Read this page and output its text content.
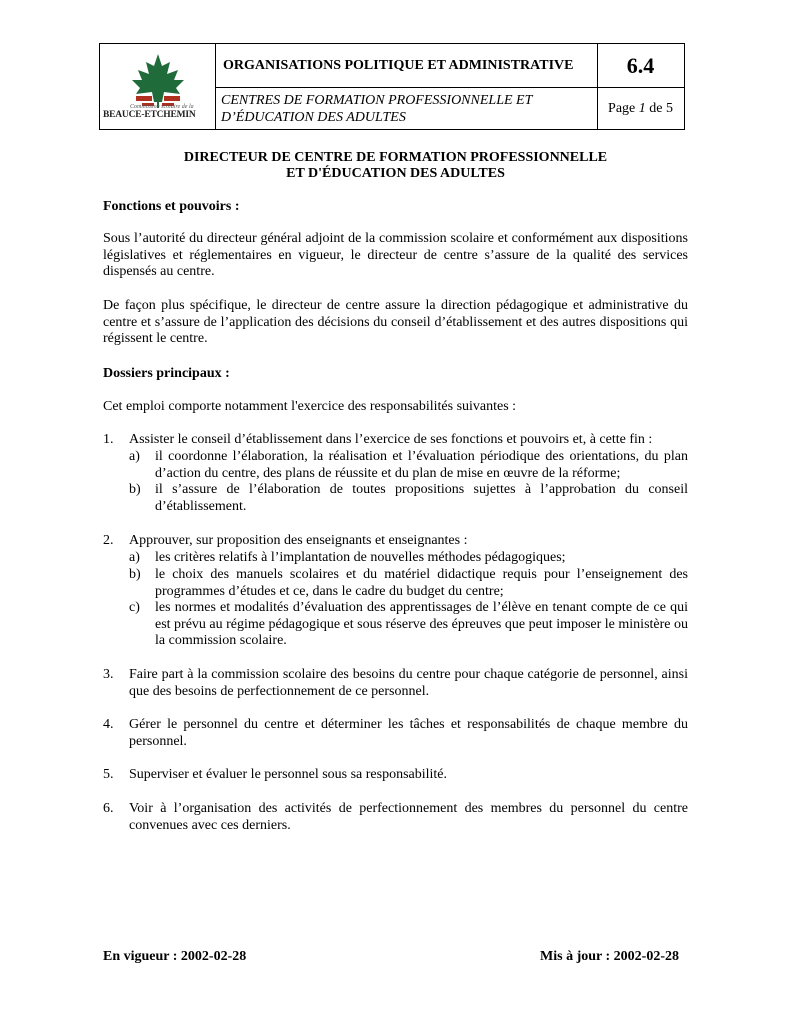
Commission scolaire de la
BEAUCE-ETCHEMIN
ORGANISATIONS POLITIQUE ET ADMINISTRATIVE
CENTRES DE FORMATION PROFESSIONNELLE ET
D’ÉDUCATION DES ADULTES
6.4
Page 1 de 5
DIRECTEUR DE CENTRE DE FORMATION PROFESSIONNELLE
ET D'ÉDUCATION DES ADULTES
Fonctions et pouvoirs :
Sous l’autorité du directeur général adjoint de la commission scolaire et conformément aux dispositions législatives et réglementaires en vigueur, le directeur de centre s’assure de la qualité des services dispensés au centre.
De façon plus spécifique, le directeur de centre assure la direction pédagogique et administrative du centre et s’assure de l’application des décisions du conseil d’établissement et des autres dispositions qui régissent le centre.
Dossiers principaux :
Cet emploi comporte notamment l'exercice des responsabilités suivantes :
1. Assister le conseil d’établissement dans l’exercice de ses fonctions et pouvoirs et, à cette fin :
a) il coordonne l’élaboration, la réalisation et l’évaluation périodique des orientations, du plan d’action du centre, des plans de réussite et du plan de mise en œuvre de la réforme;
b) il s’assure de l’élaboration de toutes propositions sujettes à l’approbation du conseil d’établissement.
2. Approuver, sur proposition des enseignants et enseignantes :
a) les critères relatifs à l’implantation de nouvelles méthodes pédagogiques;
b) le choix des manuels scolaires et du matériel didactique requis pour l’enseignement des programmes d’études et ce, dans le cadre du budget du centre;
c) les normes et modalités d’évaluation des apprentissages de l’élève en tenant compte de ce qui est prévu au régime pédagogique et sous réserve des épreuves que peut imposer le ministère ou la commission scolaire.
3. Faire part à la commission scolaire des besoins du centre pour chaque catégorie de personnel, ainsi que des besoins de perfectionnement de ce personnel.
4. Gérer le personnel du centre et déterminer les tâches et responsabilités de chaque membre du personnel.
5. Superviser et évaluer le personnel sous sa responsabilité.
6. Voir à l’organisation des activités de perfectionnement des membres du personnel du centre convenues avec ces derniers.
En vigueur : 2002-02-28	Mis à jour : 2002-02-28
